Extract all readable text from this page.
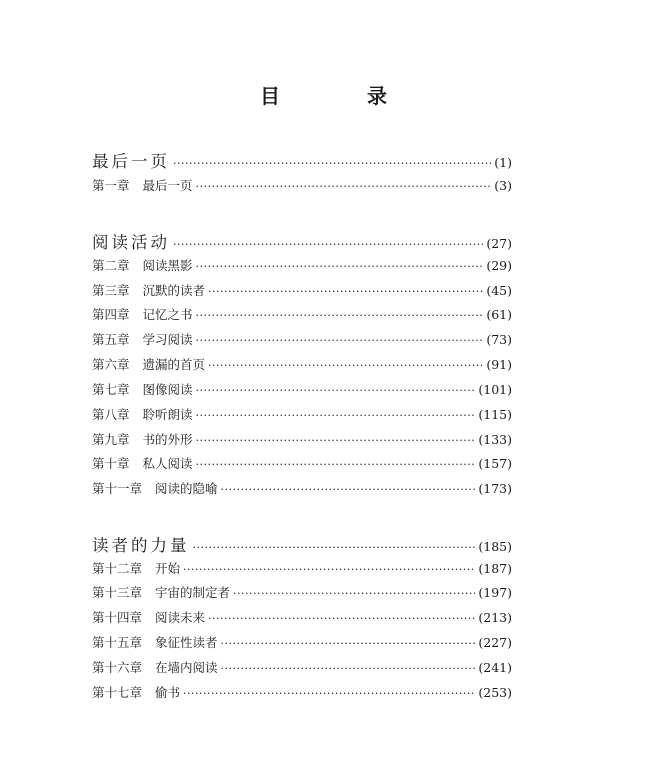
目 录
最后一页 ·····	(1)
第一章 最后一页 ·····	(3)
阅读活动 ·····	(27)
第二章 阅读黑影 ·····	(29)
第三章 沉默的读者 ·····	(45)
第四章 记忆之书 ·····	(61)
第五章 学习阅读 ·····	(73)
第六章 遗漏的首页 ·····	(91)
第七章 图像阅读 ·····	(101)
第八章 聆听朗读 ·····	(115)
第九章 书的外形 ·····	(133)
第十章 私人阅读 ·····	(157)
第十一章 阅读的隐喻 ·····	(173)
读者的力量 ·····	(185)
第十二章 开始 ·····	(187)
第十三章 宇宙的制定者 ·····	(197)
第十四章 阅读未来 ·····	(213)
第十五章 象征性读者 ·····	(227)
第十六章 在墙内阅读 ·····	(241)
第十七章 偷书 ·····	(253)
